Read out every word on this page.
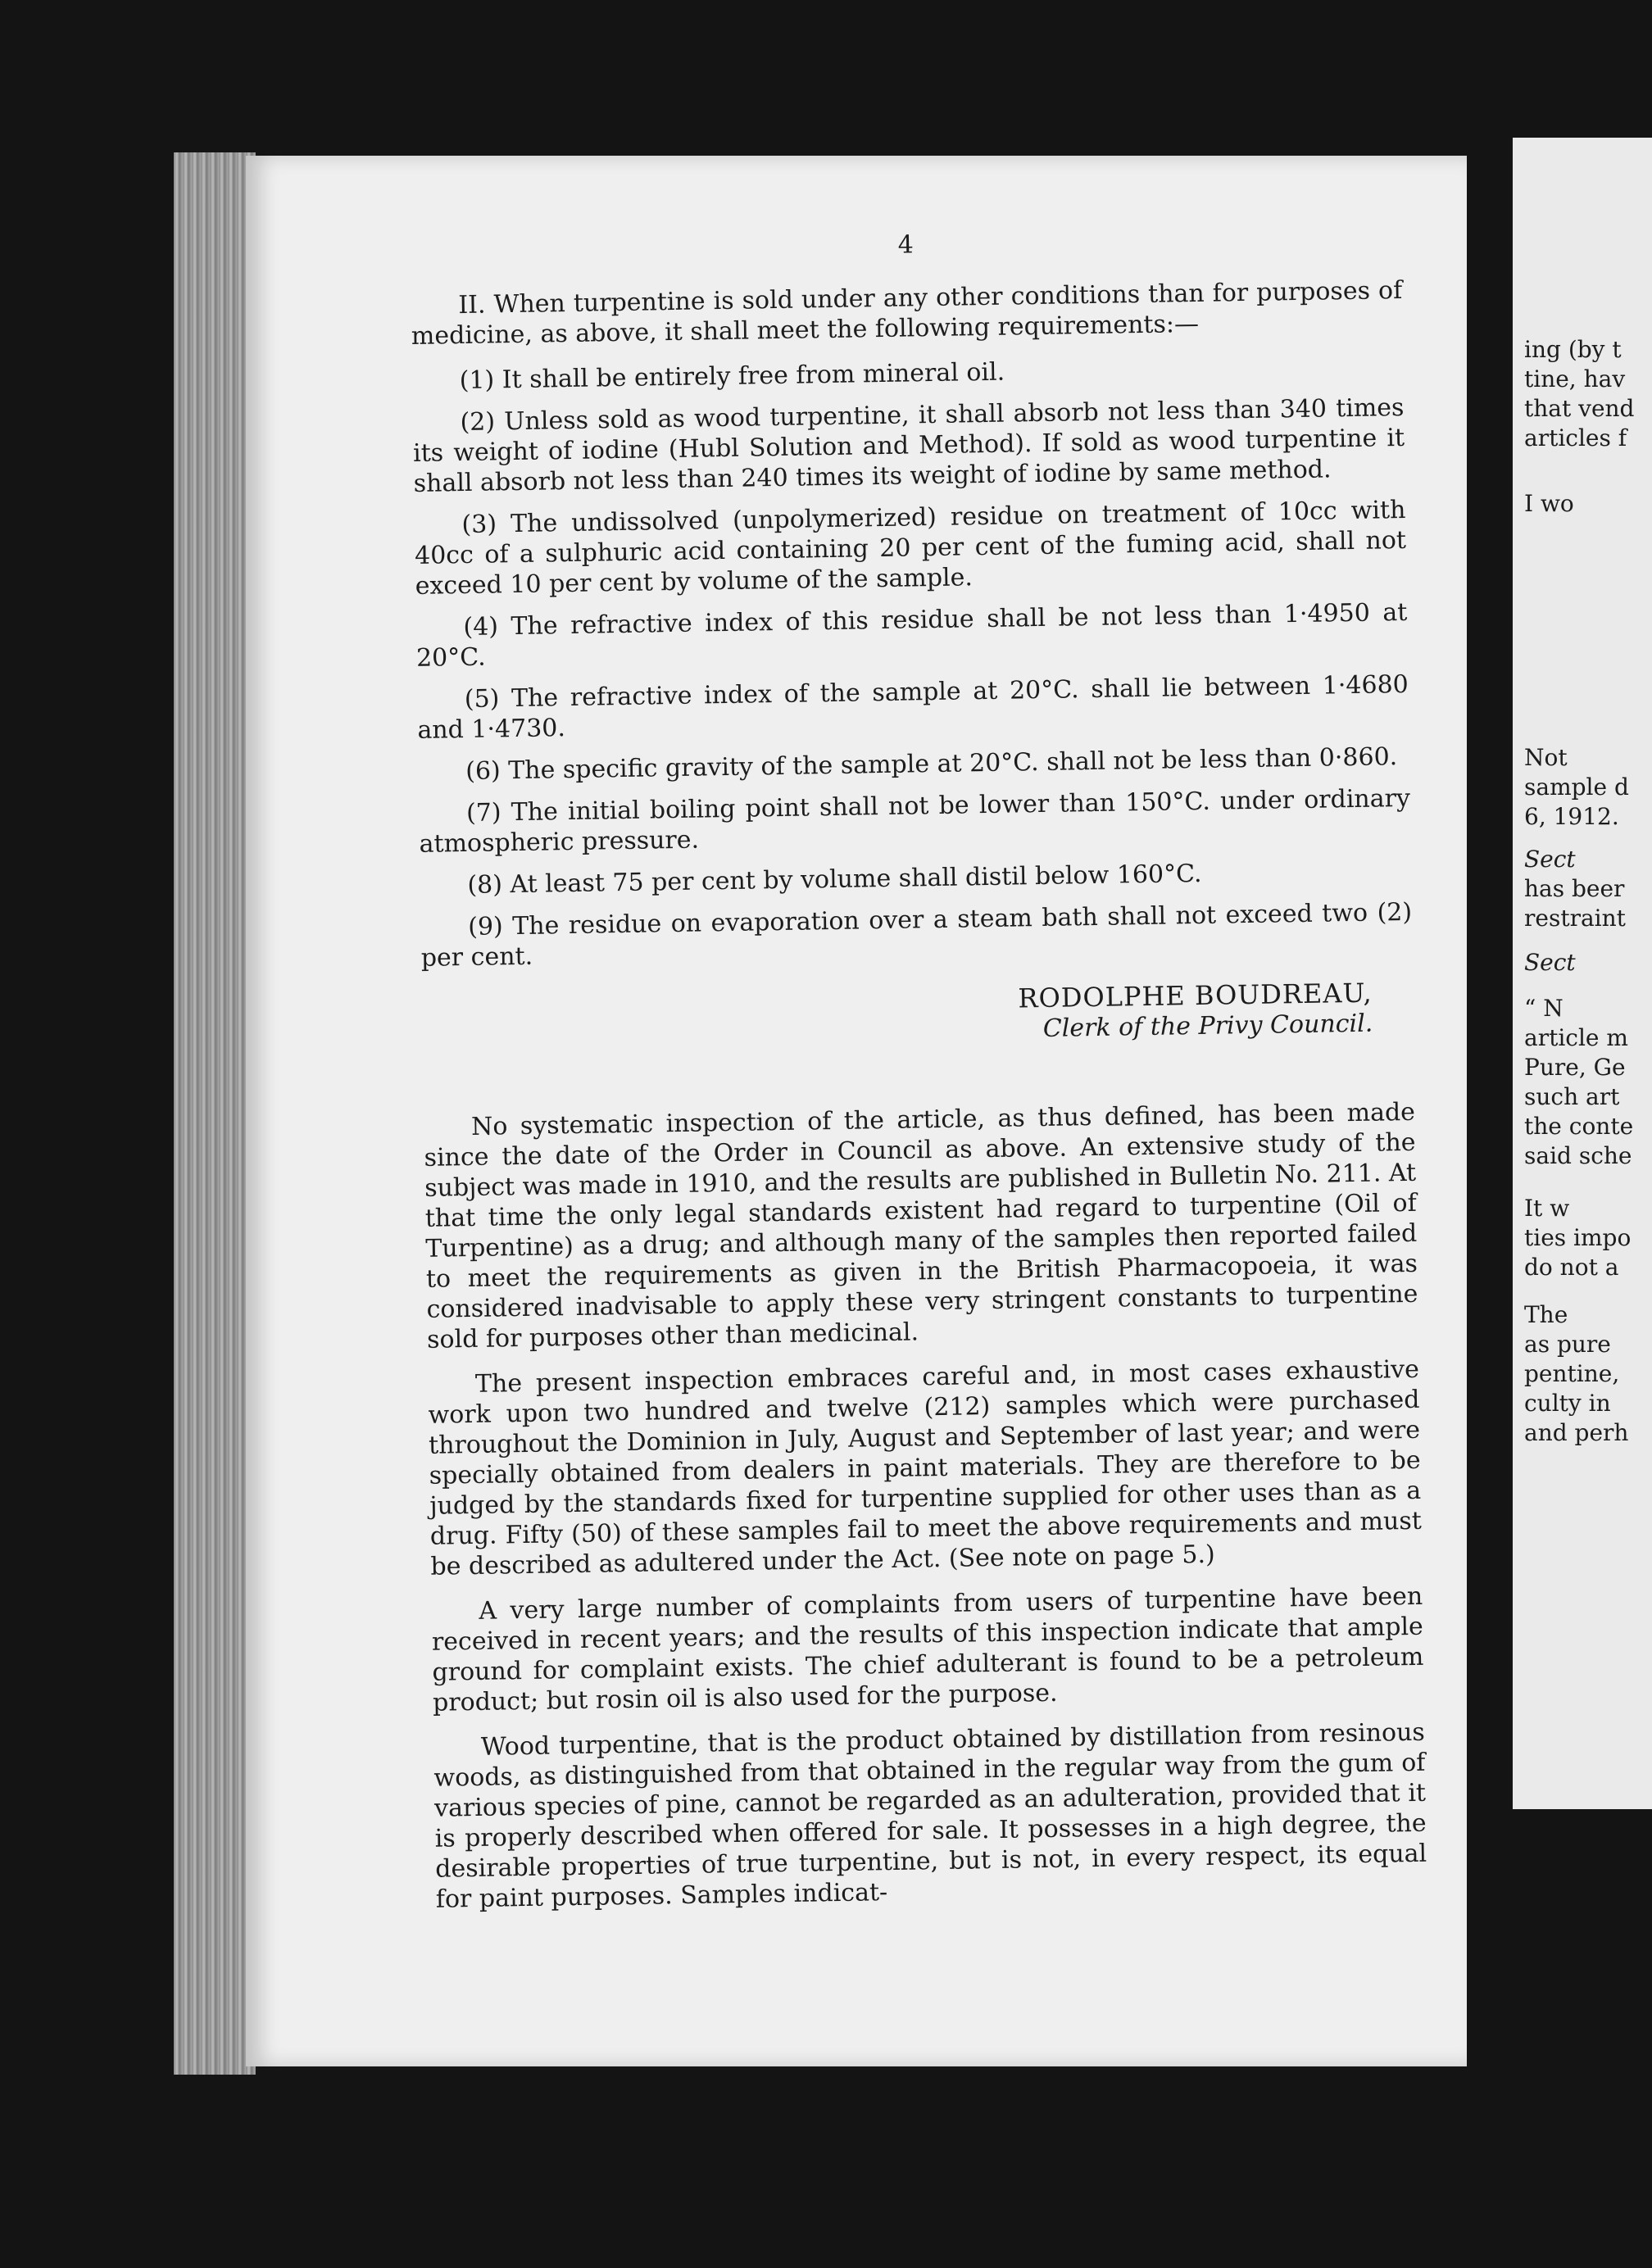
4

II. When turpentine is sold under any other conditions than for purposes of medicine, as above, it shall meet the following requirements:—

(1) It shall be entirely free from mineral oil.

(2) Unless sold as wood turpentine, it shall absorb not less than 340 times its weight of iodine (Hubl Solution and Method). If sold as wood turpentine it shall absorb not less than 240 times its weight of iodine by same method.

(3) The undissolved (unpolymerized) residue on treatment of 10cc with 40cc of a sulphuric acid containing 20 per cent of the fuming acid, shall not exceed 10 per cent by volume of the sample.

(4) The refractive index of this residue shall be not less than 1·4950 at 20°C.

(5) The refractive index of the sample at 20°C. shall lie between 1·4680 and 1·4730.

(6) The specific gravity of the sample at 20°C. shall not be less than 0·860.

(7) The initial boiling point shall not be lower than 150°C. under ordinary atmospheric pressure.

(8) At least 75 per cent by volume shall distil below 160°C.

(9) The residue on evaporation over a steam bath shall not exceed two (2) per cent.

RODOLPHE BOUDREAU,
Clerk of the Privy Council.

No systematic inspection of the article, as thus defined, has been made since the date of the Order in Council as above. An extensive study of the subject was made in 1910, and the results are published in Bulletin No. 211. At that time the only legal standards existent had regard to turpentine (Oil of Turpentine) as a drug; and although many of the samples then reported failed to meet the requirements as given in the British Pharmacopoeia, it was considered inadvisable to apply these very stringent constants to turpentine sold for purposes other than medicinal.

The present inspection embraces careful and, in most cases exhaustive work upon two hundred and twelve (212) samples which were purchased throughout the Dominion in July, August and September of last year; and were specially obtained from dealers in paint materials. They are therefore to be judged by the standards fixed for turpentine supplied for other uses than as a drug. Fifty (50) of these samples fail to meet the above requirements and must be described as adultered under the Act. (See note on page 5.)

A very large number of complaints from users of turpentine have been received in recent years; and the results of this inspection indicate that ample ground for complaint exists. The chief adulterant is found to be a petroleum product; but rosin oil is also used for the purpose.

Wood turpentine, that is the product obtained by distillation from resinous woods, as distinguished from that obtained in the regular way from the gum of various species of pine, cannot be regarded as an adulteration, provided that it is properly described when offered for sale. It possesses in a high degree, the desirable properties of true turpentine, but is not, in every respect, its equal for paint purposes. Samples indicat-

ing (by t
tine, hav
that vend
articles f
I wo
Not
sample d
6, 1912.
Sect
has beer
restraint
Sect
“ N
article m
Pure, Ge
such art
the conte
said sche
It w
ties impo
do not a
The
as pure
pentine,
culty in
and perh
